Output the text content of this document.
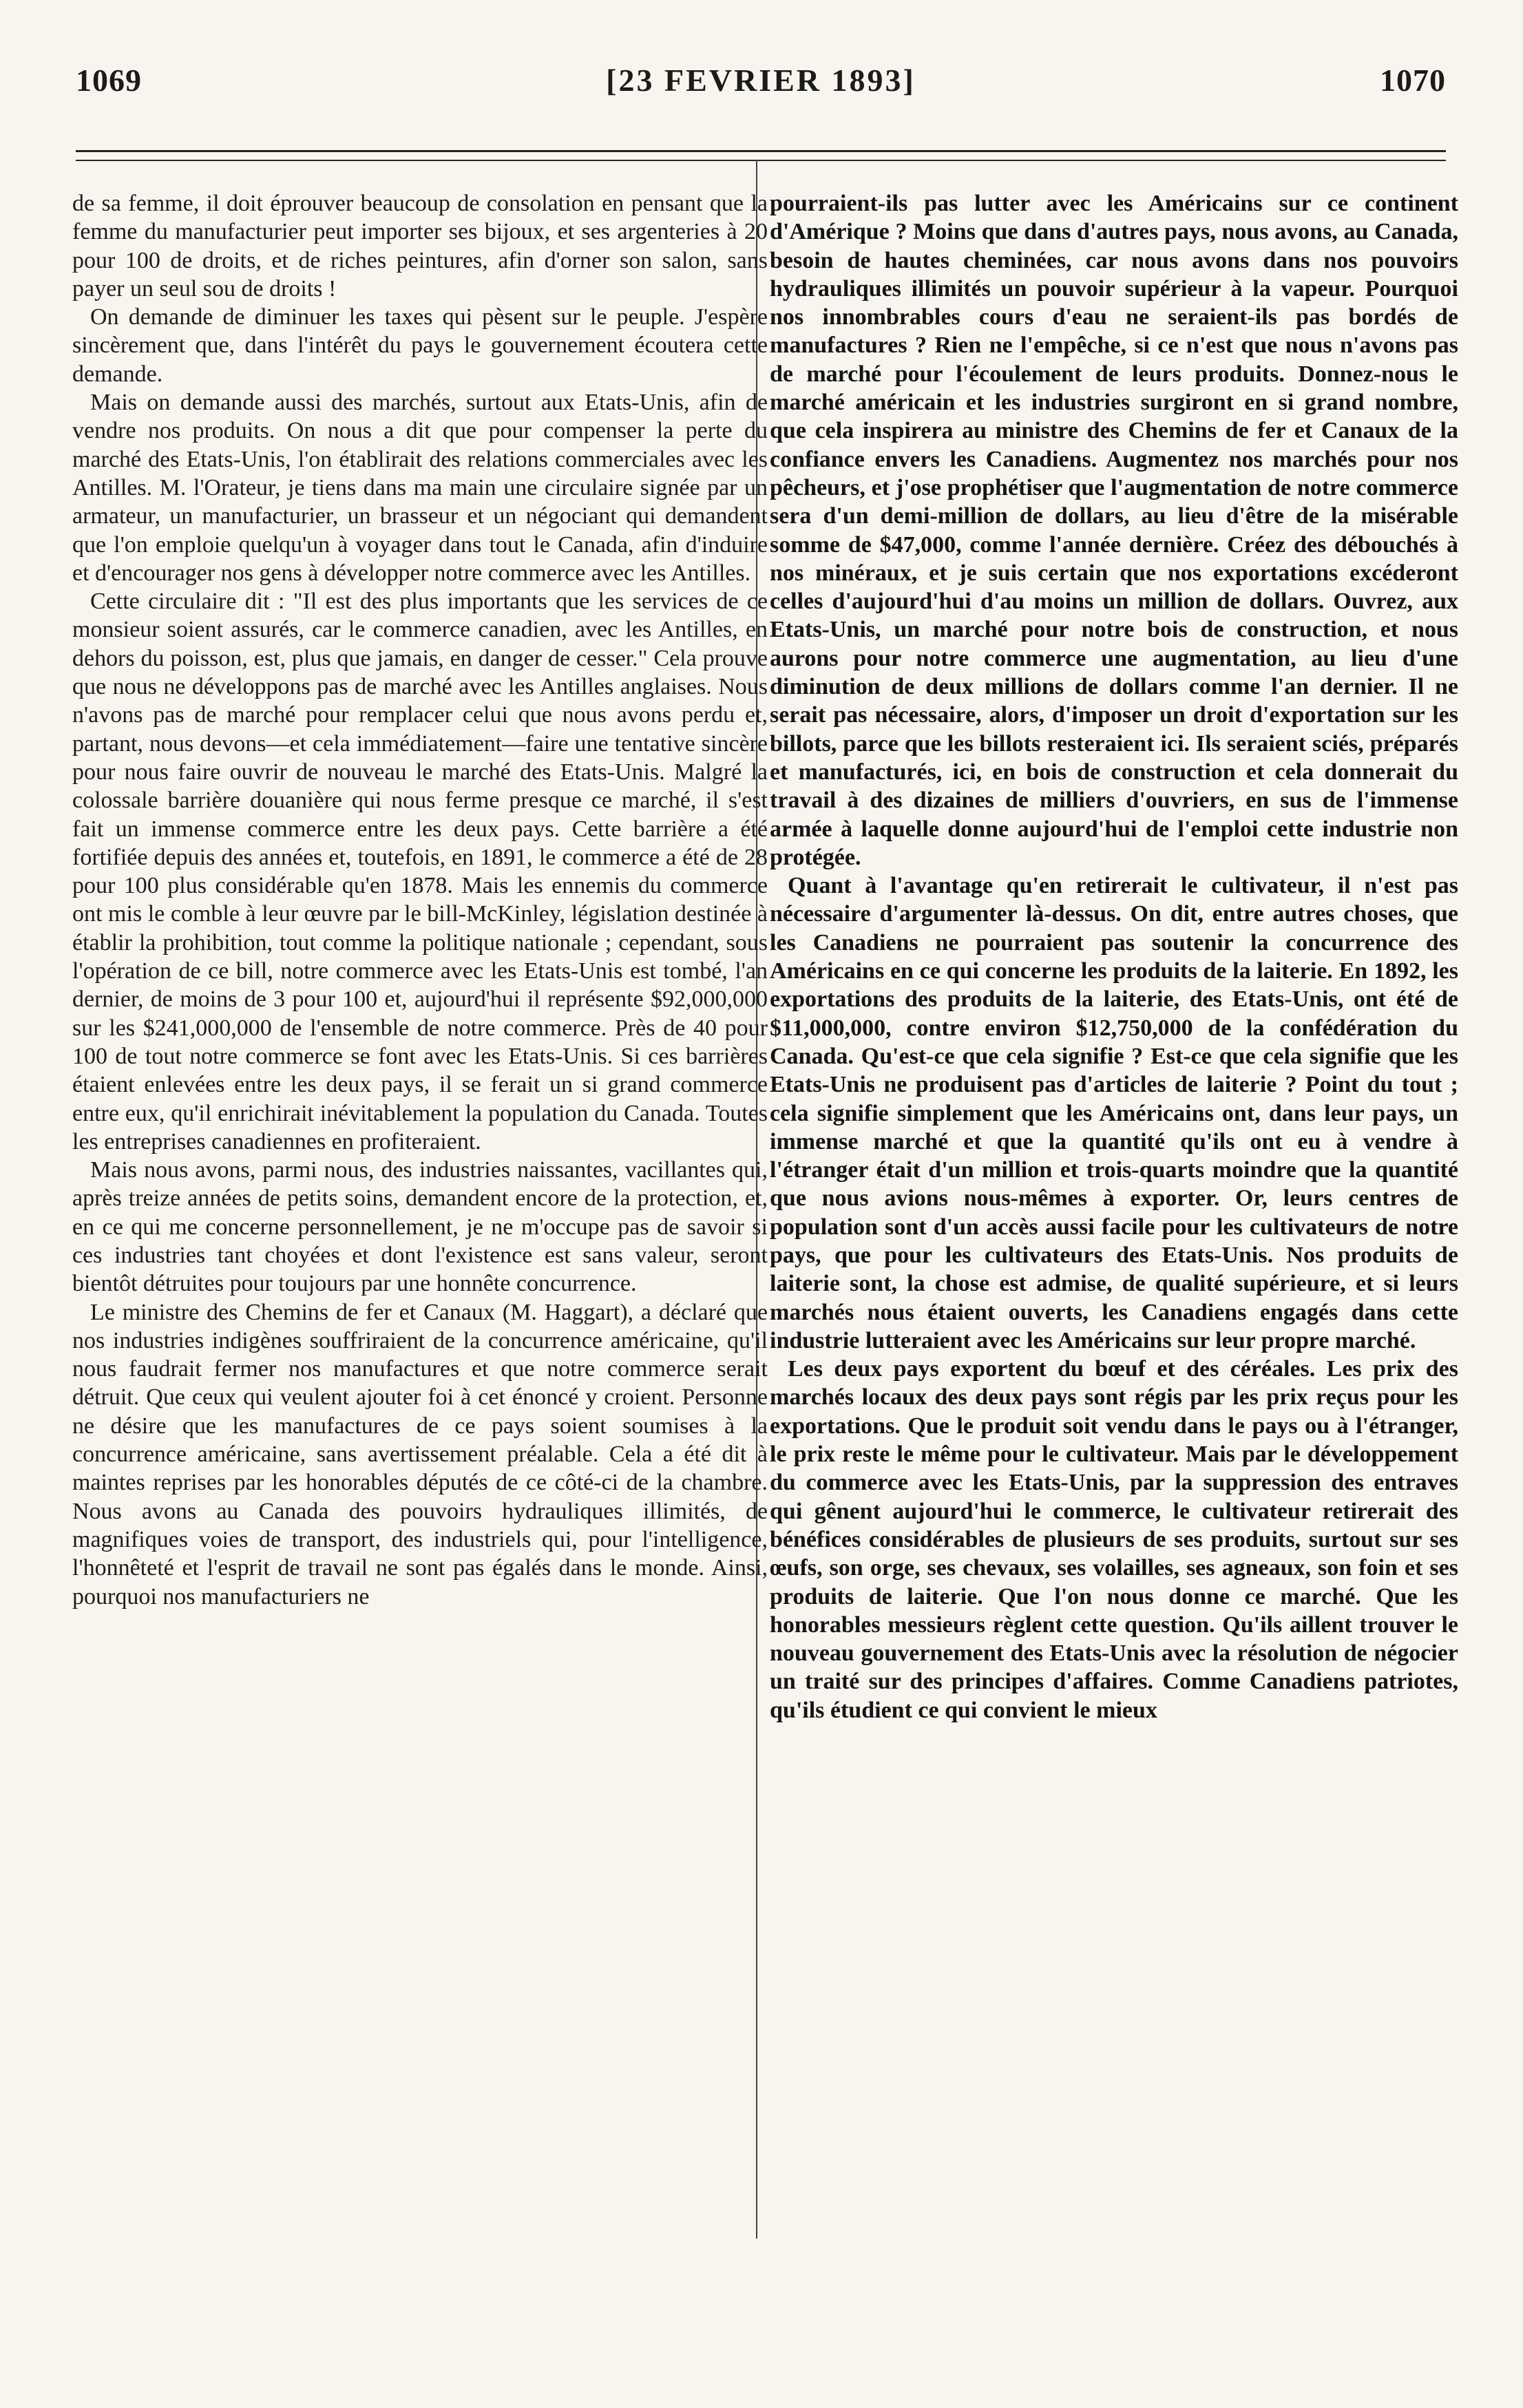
1069	[23 FEVRIER 1893]	1070

de sa femme, il doit éprouver beaucoup de consolation en pensant que la femme du manufacturier peut importer ses bijoux, et ses argenteries à 20 pour 100 de droits, et de riches peintures, afin d'orner son salon, sans payer un seul sou de droits !

On demande de diminuer les taxes qui pèsent sur le peuple. J'espère sincèrement que, dans l'intérêt du pays le gouvernement écoutera cette demande.

Mais on demande aussi des marchés, surtout aux Etats-Unis, afin de vendre nos produits. On nous a dit que pour compenser la perte du marché des Etats-Unis, l'on établirait des relations commerciales avec les Antilles. M. l'Orateur, je tiens dans ma main une circulaire signée par un armateur, un manufacturier, un brasseur et un négociant qui demandent que l'on emploie quelqu'un à voyager dans tout le Canada, afin d'induire et d'encourager nos gens à développer notre commerce avec les Antilles.

Cette circulaire dit : "Il est des plus importants que les services de ce monsieur soient assurés, car le commerce canadien, avec les Antilles, en dehors du poisson, est, plus que jamais, en danger de cesser." Cela prouve que nous ne développons pas de marché avec les Antilles anglaises. Nous n'avons pas de marché pour remplacer celui que nous avons perdu et, partant, nous devons—et cela immédiatement—faire une tentative sincère pour nous faire ouvrir de nouveau le marché des Etats-Unis. Malgré la colossale barrière douanière qui nous ferme presque ce marché, il s'est fait un immense commerce entre les deux pays. Cette barrière a été fortifiée depuis des années et, toutefois, en 1891, le commerce a été de 28 pour 100 plus considérable qu'en 1878. Mais les ennemis du commerce ont mis le comble à leur œuvre par le bill-McKinley, législation destinée à établir la prohibition, tout comme la politique nationale ; cependant, sous l'opération de ce bill, notre commerce avec les Etats-Unis est tombé, l'an dernier, de moins de 3 pour 100 et, aujourd'hui il représente $92,000,000 sur les $241,000,000 de l'ensemble de notre commerce. Près de 40 pour 100 de tout notre commerce se font avec les Etats-Unis. Si ces barrières étaient enlevées entre les deux pays, il se ferait un si grand commerce entre eux, qu'il enrichirait inévitablement la population du Canada. Toutes les entreprises canadiennes en profiteraient.

Mais nous avons, parmi nous, des industries naissantes, vacillantes qui, après treize années de petits soins, demandent encore de la protection, et, en ce qui me concerne personnellement, je ne m'occupe pas de savoir si ces industries tant choyées et dont l'existence est sans valeur, seront bientôt détruites pour toujours par une honnête concurrence.

Le ministre des Chemins de fer et Canaux (M. Haggart), a déclaré que nos industries indigènes souffriraient de la concurrence américaine, qu'il nous faudrait fermer nos manufactures et que notre commerce serait détruit. Que ceux qui veulent ajouter foi à cet énoncé y croient. Personne ne désire que les manufactures de ce pays soient soumises à la concurrence américaine, sans avertissement préalable. Cela a été dit à maintes reprises par les honorables députés de ce côté-ci de la chambre. Nous avons au Canada des pouvoirs hydrauliques illimités, de magnifiques voies de transport, des industriels qui, pour l'intelligence, l'honnêteté et l'esprit de travail ne sont pas égalés dans le monde. Ainsi, pourquoi nos manufacturiers ne

pourraient-ils pas lutter avec les Américains sur ce continent d'Amérique ? Moins que dans d'autres pays, nous avons, au Canada, besoin de hautes cheminées, car nous avons dans nos pouvoirs hydrauliques illimités un pouvoir supérieur à la vapeur. Pourquoi nos innombrables cours d'eau ne seraient-ils pas bordés de manufactures ? Rien ne l'empêche, si ce n'est que nous n'avons pas de marché pour l'écoulement de leurs produits. Donnez-nous le marché américain et les industries surgiront en si grand nombre, que cela inspirera au ministre des Chemins de fer et Canaux de la confiance envers les Canadiens. Augmentez nos marchés pour nos pêcheurs, et j'ose prophétiser que l'augmentation de notre commerce sera d'un demi-million de dollars, au lieu d'être de la misérable somme de $47,000, comme l'année dernière. Créez des débouchés à nos minéraux, et je suis certain que nos exportations excéderont celles d'aujourd'hui d'au moins un million de dollars. Ouvrez, aux Etats-Unis, un marché pour notre bois de construction, et nous aurons pour notre commerce une augmentation, au lieu d'une diminution de deux millions de dollars comme l'an dernier. Il ne serait pas nécessaire, alors, d'imposer un droit d'exportation sur les billots, parce que les billots resteraient ici. Ils seraient sciés, préparés et manufacturés, ici, en bois de construction et cela donnerait du travail à des dizaines de milliers d'ouvriers, en sus de l'immense armée à laquelle donne aujourd'hui de l'emploi cette industrie non protégée.

Quant à l'avantage qu'en retirerait le cultivateur, il n'est pas nécessaire d'argumenter là-dessus. On dit, entre autres choses, que les Canadiens ne pourraient pas soutenir la concurrence des Américains en ce qui concerne les produits de la laiterie. En 1892, les exportations des produits de la laiterie, des Etats-Unis, ont été de $11,000,000, contre environ $12,750,000 de la confédération du Canada. Qu'est-ce que cela signifie ? Est-ce que cela signifie que les Etats-Unis ne produisent pas d'articles de laiterie ? Point du tout ; cela signifie simplement que les Américains ont, dans leur pays, un immense marché et que la quantité qu'ils ont eu à vendre à l'étranger était d'un million et trois-quarts moindre que la quantité que nous avions nous-mêmes à exporter. Or, leurs centres de population sont d'un accès aussi facile pour les cultivateurs de notre pays, que pour les cultivateurs des Etats-Unis. Nos produits de laiterie sont, la chose est admise, de qualité supérieure, et si leurs marchés nous étaient ouverts, les Canadiens engagés dans cette industrie lutteraient avec les Américains sur leur propre marché.

Les deux pays exportent du bœuf et des céréales. Les prix des marchés locaux des deux pays sont régis par les prix reçus pour les exportations. Que le produit soit vendu dans le pays ou à l'étranger, le prix reste le même pour le cultivateur. Mais par le développement du commerce avec les Etats-Unis, par la suppression des entraves qui gênent aujourd'hui le commerce, le cultivateur retirerait des bénéfices considérables de plusieurs de ses produits, surtout sur ses œufs, son orge, ses chevaux, ses volailles, ses agneaux, son foin et ses produits de laiterie. Que l'on nous donne ce marché. Que les honorables messieurs règlent cette question. Qu'ils aillent trouver le nouveau gouvernement des Etats-Unis avec la résolution de négocier un traité sur des principes d'affaires. Comme Canadiens patriotes, qu'ils étudient ce qui convient le mieux
